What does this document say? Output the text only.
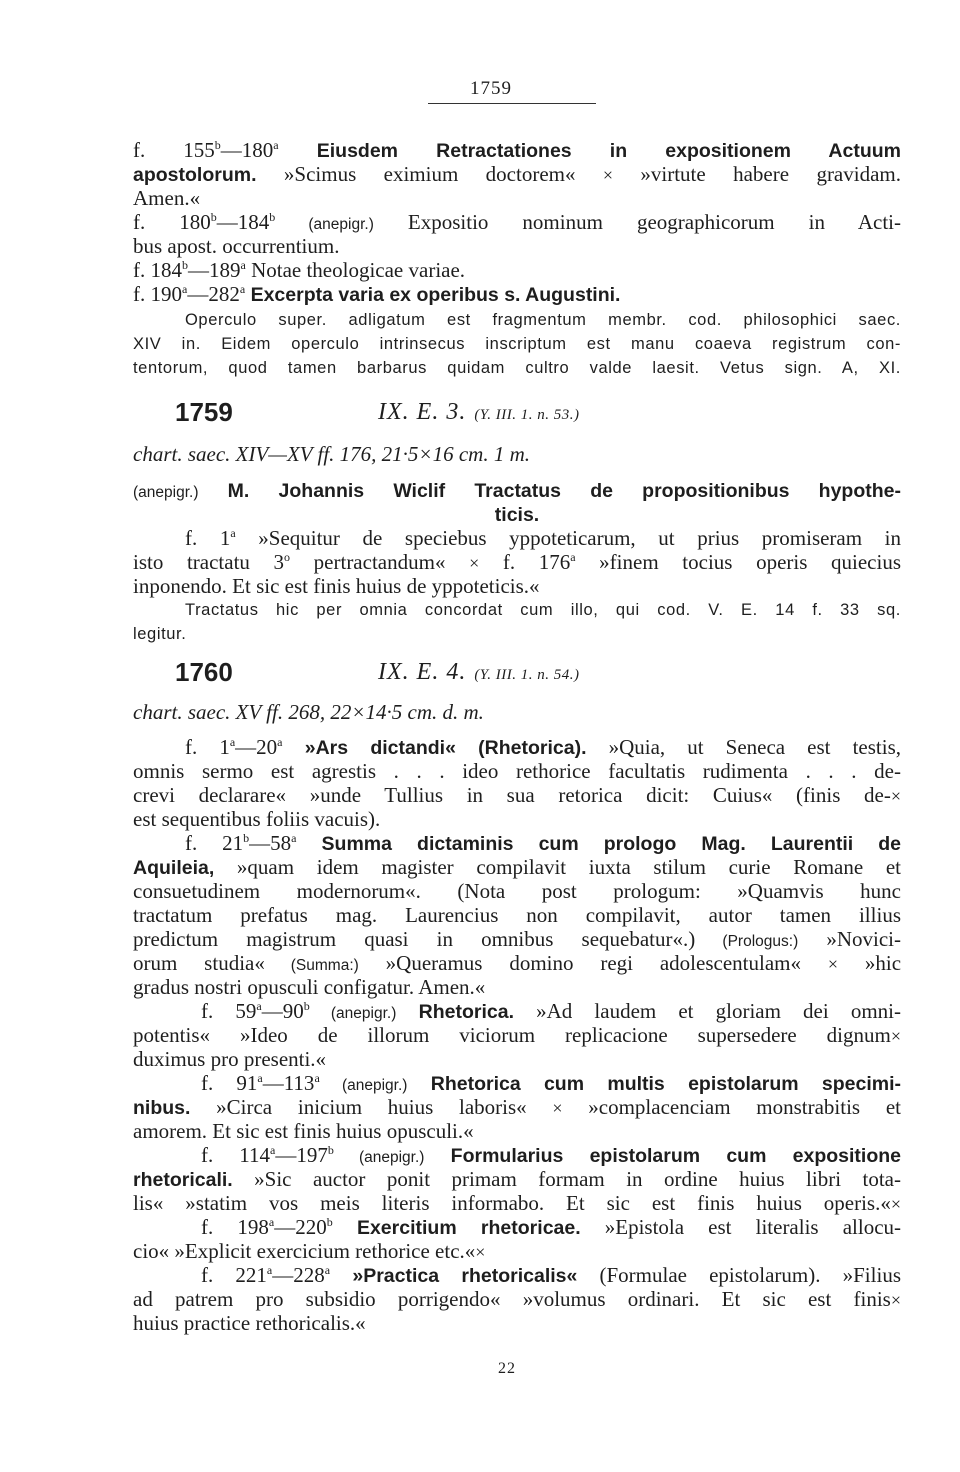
1759
f. 155$^b$—180$^a$ Eiusdem Retractationes in expositionem Actuum
apostolorum. »Scimus eximium doctorem« × »virtute habere gravidam.
Amen.«
f. 180$^b$—184$^b$ (anepigr.) Expositio nominum geographicorum in Acti-
bus apost. occurrentium.
f. 184$^b$—189$^a$ Notae theologicae variae.
f. 190$^a$—282$^a$ Excerpta varia ex operibus s. Augustini.
Operculo super. adligatum est fragmentum membr. cod. philosophici saec.
XIV in. Eidem operculo intrinsecus inscriptum est manu coaeva registrum con-
tentorum, quod tamen barbarus quidam cultro valde laesit. Vetus sign. A, XI.
1759	IX. E. 3. (Y. III. 1. n. 53.)
chart. saec. XIV—XV ff. 176, 21·5×16 cm. 1 m.
(anepigr.) M. Johannis Wiclif Tractatus de propositionibus hypothe-
ticis.
f. 1$^a$ »Sequitur de speciebus yppoteticarum, ut prius promiseram in
isto tractatu 3$^o$ pertractandum« × f. 176$^a$ »finem tocius operis quiecius
inponendo. Et sic est finis huius de yppoteticis.«
Tractatus hic per omnia concordat cum illo, qui cod. V. E. 14 f. 33 sq.
legitur.
1760	IX. E. 4. (Y. III. 1. n. 54.)
chart. saec. XV ff. 268, 22×14·5 cm. d. m.
f. 1$^a$—20$^a$ »Ars dictandi« (Rhetorica). »Quia, ut Seneca est testis,
omnis sermo est agrestis . . . ideo rethorice facultatis rudimenta . . . de-
crevi declarare« »unde Tullius in sua retorica dicit: Cuius« (finis de-×
est sequentibus foliis vacuis).
f. 21$^b$—58$^a$ Summa dictaminis cum prologo Mag. Laurentii de
Aquileia, »quam idem magister compilavit iuxta stilum curie Romane et
consuetudinem modernorum«. (Nota post prologum: »Quamvis hunc
tractatum prefatus mag. Laurencius non compilavit, autor tamen illius
predictum magistrum quasi in omnibus sequebatur«.) (Prologus:) »Novici-
orum studia« (Summa:) »Queramus domino regi adolescentulam« × »hic
gradus nostri opusculi configatur. Amen.«
f. 59$^a$—90$^b$ (anepigr.) Rhetorica. »Ad laudem et gloriam dei omni-
potentis« »Ideo de illorum viciorum replicacione supersedere dignum×
duximus pro presenti.«
f. 91$^a$—113$^a$ (anepigr.) Rhetorica cum multis epistolarum specimi-
nibus. »Circa inicium huius laboris« × »complacenciam monstrabitis et
amorem. Et sic est finis huius opusculi.«
f. 114$^a$—197$^b$ (anepigr.) Formularius epistolarum cum expositione
rhetoricali. »Sic auctor ponit primam formam in ordine huius libri tota-
lis« »statim vos meis literis informabo. Et sic est finis huius operis.«×
f. 198$^a$—220$^b$ Exercitium rhetoricae. »Epistola est literalis allocu-
cio« »Explicit exercicium rethorice etc.«×
f. 221$^a$—228$^a$ »Practica rhetoricalis« (Formulae epistolarum). »Filius
ad patrem pro subsidio porrigendo« »volumus ordinari. Et sic est finis×
huius practice rethoricalis.«
22
